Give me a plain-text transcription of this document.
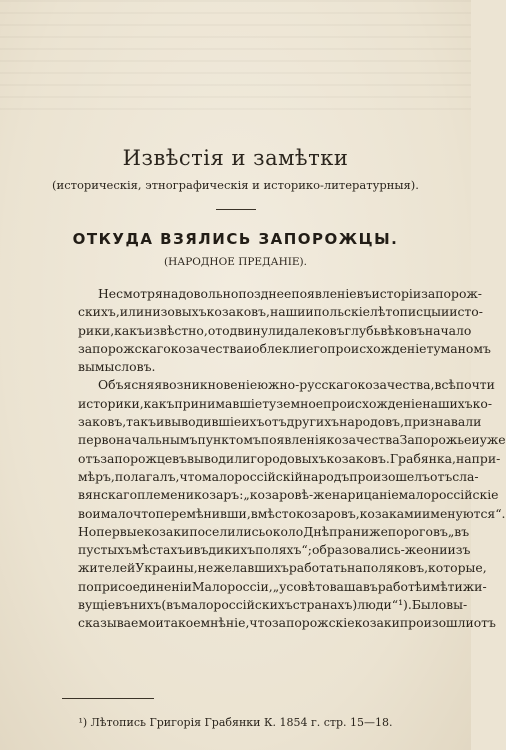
Извѣстія и замѣтки
(историческія, этнографическія и историко-литературныя).
ОТКУДА ВЗЯЛИСЬ ЗАПОРОЖЦЫ.
(НАРОДНОЕ ПРЕДАНІЕ).
Не смотря на довольно позднее появленіе въ исторіи запорож-
скихъ, или низовыхъ козаковъ, наши и польскіе лѣтописцы и истo-
рики, какъ извѣстно, отодвинули далеко въ глубь вѣковъ начало
запорожскаго козачества и облекли его происхожденіе туманомъ
вымысловъ.
Объясняя возникновеніе южно-русскаго козачества, всѣ почти
историки, какъ принимавшіе туземное происхожденіе нашихъ ко-
заковъ, такъ и выводившіе ихъ отъ другихъ народовъ, признавали
первоначальнымъ пунктомъ появленія козачества Запорожье и уже
отъ запорожцевъ выводили городовыхъ козаковъ. Грабянка, напри-
мѣръ, полагалъ, что малороссійскій народъ произошелъ отъ сла-
вянскаго племени козаръ: „козаровѣ-же нарицаніе малороссійскіе
вои мало что перемѣнивши, вмѣсто козаровъ, козаками именуются“.
Но первые козаки поселились около Днѣпра ниже пороговъ „въ
пустыхъ мѣстахъ и въ дикихъ поляхъ“; образовались-же они изъ
жителей Украины, не желавшихъ работать на поляковъ, которые,
по присоединеніи Малороссіи, „усовѣтоваша въ работѣ имѣти жи-
вущіе въ нихъ (въ малороссійскихъ странахъ) люди“ ¹). Было вы-
сказываемо и такое мнѣніе, что запорожскіе козаки произошли отъ
¹) Лѣтопись Григорія Грабянки К. 1854 г. стр. 15—18.
